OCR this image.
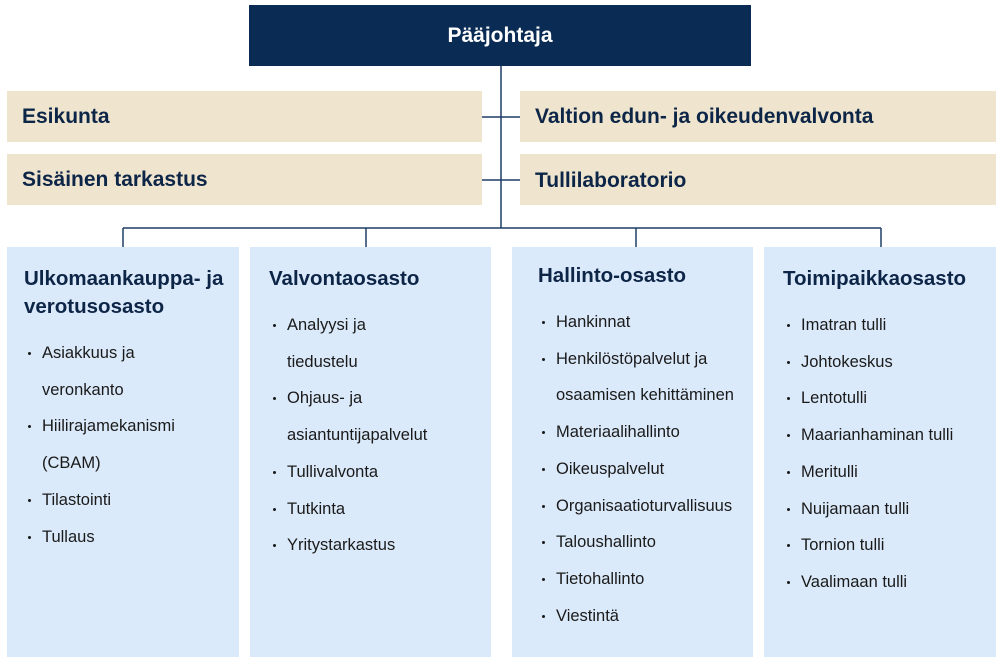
Pääjohtaja
Esikunta
Sisäinen tarkastus
Valtion edun- ja oikeudenvalvonta
Tullilaboratorio
Ulkomaankauppa- ja
verotusosasto
Asiakkuus ja
veronkanto
Hiilirajamekanismi
(CBAM)
Tilastointi
Tullaus
Valvontaosasto
Analyysi ja
tiedustelu
Ohjaus- ja
asiantuntijapalvelut
Tullivalvonta
Tutkinta
Yritystarkastus
Hallinto-osasto
Hankinnat
Henkilöstöpalvelut ja
osaamisen kehittäminen
Materiaalihallinto
Oikeuspalvelut
Organisaatioturvallisuus
Taloushallinto
Tietohallinto
Viestintä
Toimipaikkaosasto
Imatran tulli
Johtokeskus
Lentotulli
Maarianhaminan tulli
Meritulli
Nuijamaan tulli
Tornion tulli
Vaalimaan tulli
